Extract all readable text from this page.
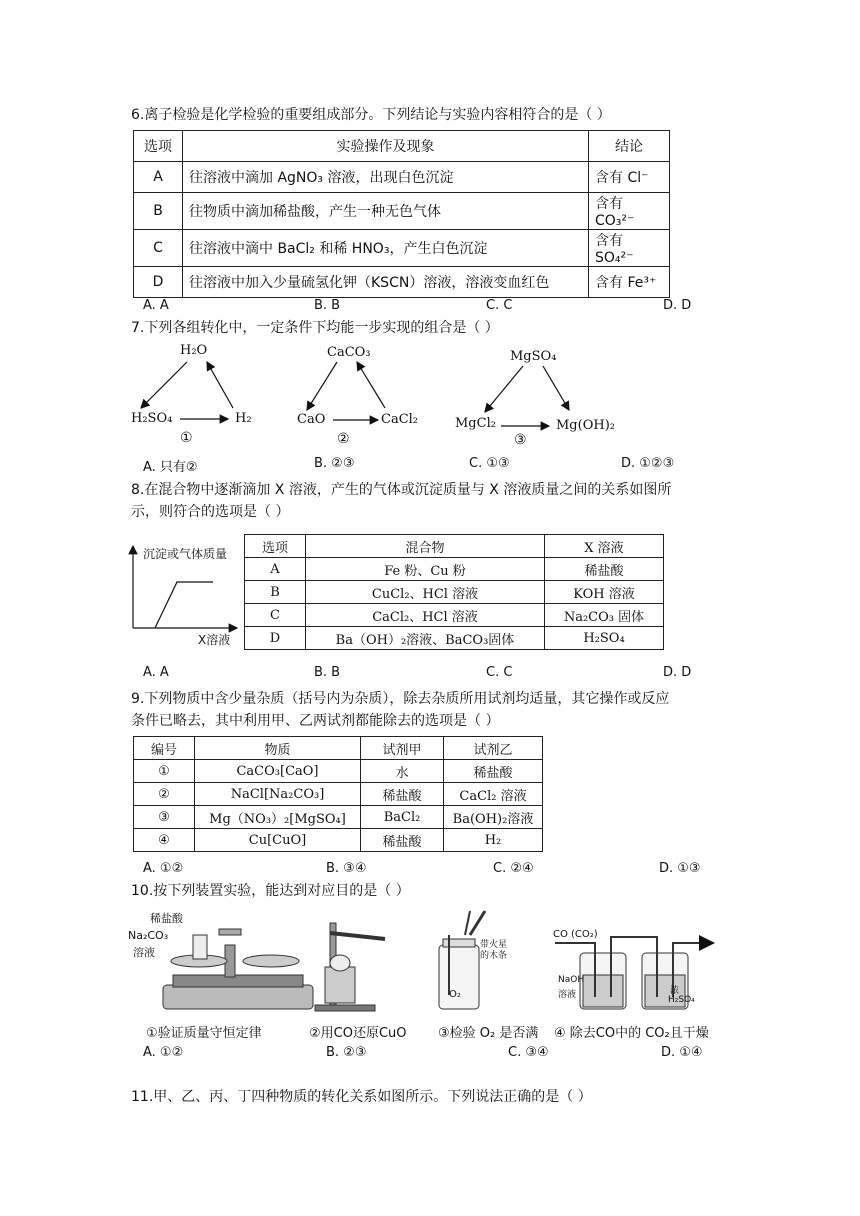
6.离子检验是化学检验的重要组成部分。下列结论与实验内容相符合的是（ ）
选项	实验操作及现象	结论
A	往溶液中滴加 AgNO₃ 溶液，出现白色沉淀	含有 Cl⁻
B	往物质中滴加稀盐酸，产生一种无色气体	含有 CO₃²⁻
C	往溶液中滴中 BaCl₂ 和稀 HNO₃，产生白色沉淀	含有 SO₄²⁻
D	往溶液中加入少量硫氢化钾（KSCN）溶液，溶液变血红色	含有 Fe³⁺
A. A	B. B	C. C	D. D
7.下列各组转化中，一定条件下均能一步实现的组合是（ ）
H₂O
H₂SO₄	H₂
①
CaCO₃
CaO	CaCl₂
②
MgSO₄
MgCl₂	Mg(OH)₂
③
A. 只有②	B. ②③	C. ①③	D. ①②③
8.在混合物中逐渐滴加 X 溶液，产生的气体或沉淀质量与 X 溶液质量之间的关系如图所
示，则符合的选项是（ ）
沉淀或气体质量
X溶液
选项	混合物	X 溶液
A	Fe 粉、Cu 粉	稀盐酸
B	CuCl₂、HCl 溶液	KOH 溶液
C	CaCl₂、HCl 溶液	Na₂CO₃ 固体
D	Ba（OH）₂溶液、BaCO₃固体	H₂SO₄
A. A	B. B	C. C	D. D
9.下列物质中含少量杂质（括号内为杂质），除去杂质所用试剂均适量，其它操作或反应
条件已略去，其中利用甲、乙两试剂都能除去的选项是（ ）
编号	物质	试剂甲	试剂乙
①	CaCO₃[CaO]	水	稀盐酸
②	NaCl[Na₂CO₃]	稀盐酸	CaCl₂ 溶液
③	Mg（NO₃）₂[MgSO₄]	BaCl₂	Ba(OH)₂溶液
④	Cu[CuO]	稀盐酸	H₂
A. ①②	B. ③④	C. ②④	D. ①③
10.按下列装置实验，能达到对应目的是（ ）
稀盐酸
Na₂CO₃
溶液
带火星的木条
O₂
CO (CO₂)
NaOH
溶液	浓
H₂SO₄
①验证质量守恒定律	②用CO还原CuO ③检验 O₂ 是否满 ④ 除去CO中的 CO₂且干燥
A. ①②	B. ②③	C. ③④	D. ①④
11.甲、乙、丙、丁四种物质的转化关系如图所示。下列说法正确的是（ ）
